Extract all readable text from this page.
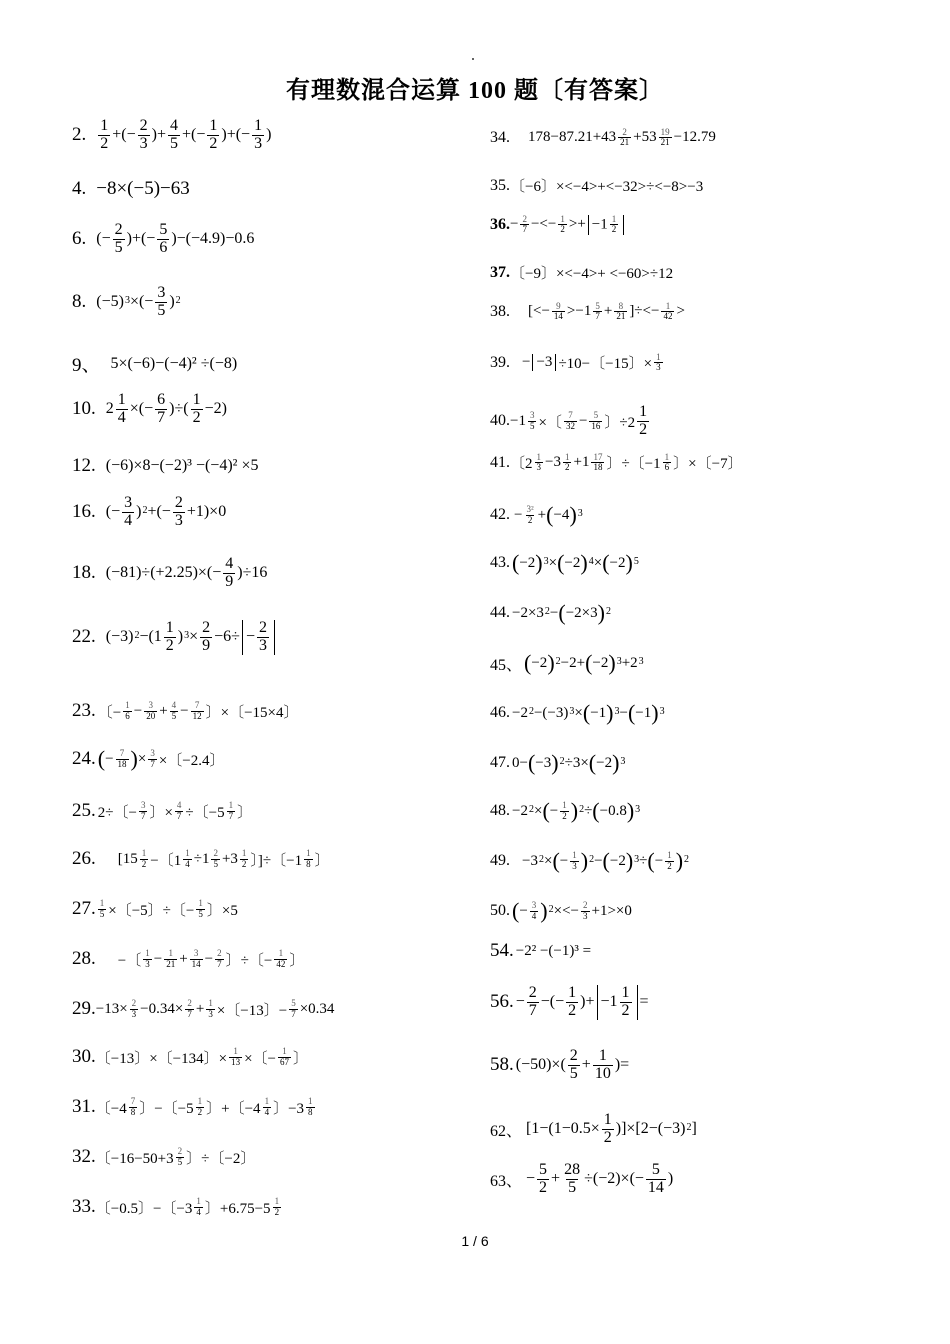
有理数混合运算 100 题〔有答案〕
2. $\frac{1}{2}$ +(− $\frac{2}{3}$ )+ $\frac{4}{5}$ +(− $\frac{1}{2}$ )+(− $\frac{1}{3}$ )
4. −8×(−5)−63
6. (− $\frac{2}{5}$ )+(− $\frac{5}{6} )-(-4.9)-0.6$
8. $(-5)^3$ ×(− $\frac{3}{5} )^2$
9、 5×(−6)−(−4)² ÷(−8)
10. $2 \frac{1}{4}$ ×(− $\frac{6}{7}$ )÷( $\frac{1}{2} -2$)
12. (−6)×8−(−2)³ −(−4)² ×5
16. (− $\frac{3}{4} )^2$ +(− $\frac{2}{3} +1)\times 0$
18. $(-81)\div(+2.25)\times(- \frac{4}{9} )\div 16$
22. $(-3)^2 -(1 \frac{1}{2} )^3 \times \frac{2}{9} -6\div - \frac{2}{3}$
23. 〔− $\frac{1}{6} - \frac{3}{20} + \frac{4}{5} - \frac{7}{12}$ 〕×〔−15×4〕
24. ( − $\frac{7}{18}$ ) × $\frac{3}{7}$ ×〔−2.4〕
25. 2÷〔− $\frac{3}{7}$ 〕× $\frac{4}{7}$ ÷〔$-5 \frac{1}{7}$ 〕
26. [$15 \frac{1}{2}$ −〔$1 \frac{1}{4} \div 1 \frac{2}{5} +3 \frac{1}{2}$ 〕]÷〔$-1 \frac{1}{8}$ 〕
27. $\frac{1}{5}$ ×〔−5〕÷〔− $\frac{1}{5}$ 〕×5
28. −〔 $\frac{1}{3} - \frac{1}{21} + \frac{3}{14} - \frac{2}{7}$ 〕÷〔− $\frac{1}{42}$ 〕
29. $-13\times \frac{2}{3} -0.34\times \frac{2}{7} + \frac{1}{3}$ ×〔−13〕− $\frac{5}{7} \times 0.34$
30. 〔−13〕×〔−134〕× $\frac{1}{13}$ ×〔− $\frac{1}{67}$ 〕
31. 〔$-4 \frac{7}{8}$ 〕−〔$-5 \frac{1}{2}$ 〕+〔$-4 \frac{1}{4}$ 〕$-3 \frac{1}{8}$
32. 〔$-16-50+3 \frac{2}{5}$ 〕÷〔−2〕
33. 〔−0.5〕−〔$-3 \frac{1}{4}$ 〕$+6.75-5 \frac{1}{2}$
34. $178-87.21+43 \frac{2}{21} +53 \frac{19}{21} -12.79$
35. 〔−6〕×<−4>+<−32>÷<−8>−3
36. − $\frac{2}{7}$ −<− $\frac{1}{2} >+ -1 \frac{1}{2}$
37. 〔−9〕×<−4>+ <−60>÷12
38. [<− $\frac{9}{14} >-1 \frac{5}{7} + \frac{8}{21}$ ]÷<− $\frac{1}{42}$ >
39. − −3 ÷10−〔−15〕× $\frac{1}{3}$
40. $-1 \frac{3}{5}$ ×〔 $\frac{7}{32} - \frac{5}{16}$ 〕$\div 2 \frac{1}{2}$
41. 〔$2 \frac{1}{3} -3 \frac{1}{2} +1 \frac{17}{18}$ 〕÷〔$-1 \frac{1}{6}$ 〕×〔−7〕
42. − $\frac{\text{3²}}{2}$ + ( −4 )$^3$
43. ( −2 )$^3$ × ( −2 )$^4$ × ( −2 )$^5$
44. $-2\times 3^2$ − ( −2×3 )$^2$
45、 ( −2 )$^2$ −2+ ( −2 )$^3 +2^3$
46. $-2^2 -(-3)^3$ × ( −1 )$^3$ − ( −1 )$^3$
47. 0− ( −3 )$^2$ ÷3× ( −2 )$^3$
48. $-2^2$ × ( − $\frac{1}{2} )^2$ ÷ ( −0.8 )$^3$
49. $-3^2$ × ( − $\frac{1}{3} )^2$ − ( −2 )$^3$ ÷ ( − $\frac{1}{2} )^2$
50. ( − $\frac{3}{4} )^2$ ×<− $\frac{2}{3} +1>\times 0$
54. −2² −(−1)³ =
56. − $\frac{2}{7}$ −(− $\frac{1}{2}$ )+ $-1 \frac{1}{2}$ =
58. $(-50)\times( \frac{2}{5} + \frac{1}{10}$ )=
62、 $[1-(1-0.5\times \frac{1}{2} )]\times[2-(-3)^2$ ]
63、 − $\frac{5}{2} + \frac{28}{5} \div(-2)\times(- \frac{5}{14}$ )
1 / 6
